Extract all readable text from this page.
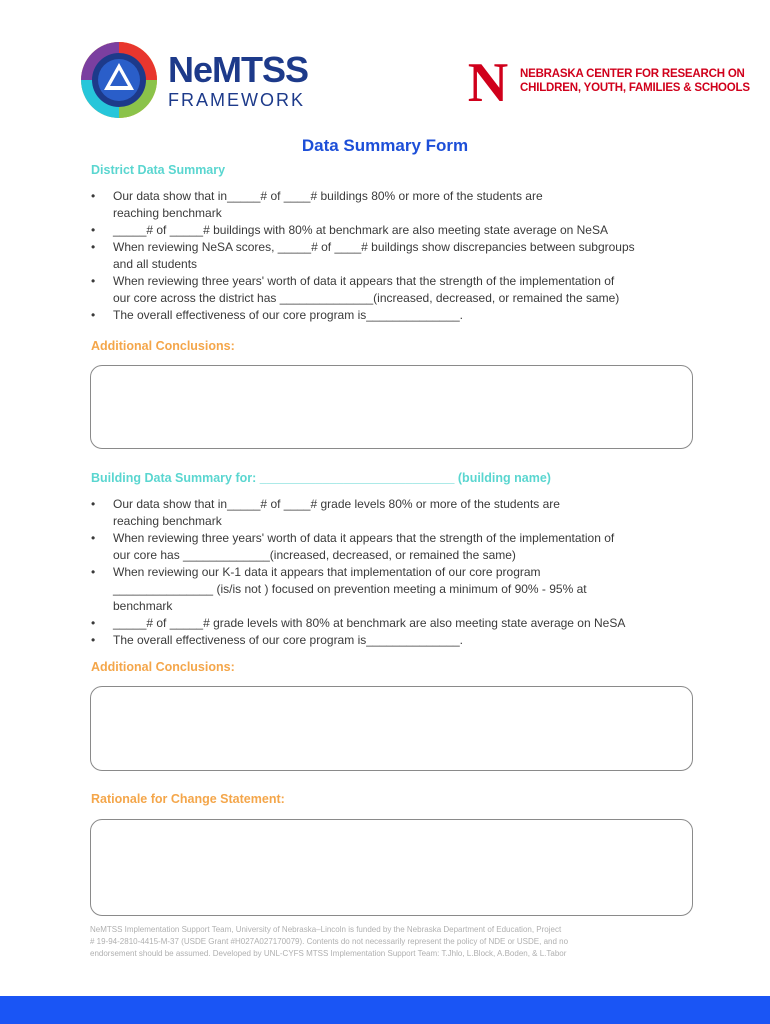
NeMTSS
FRAMEWORK	N NEBRASKA CENTER FOR RESEARCH ON
CHILDREN, YOUTH, FAMILIES & SCHOOLS
Data Summary Form
District Data Summary
• Our data show that in_____# of ____# buildings 80% or more of the students are
reaching benchmark
• _____# of _____# buildings with 80% at benchmark are also meeting state average on NeSA
• When reviewing NeSA scores, _____# of ____# buildings show discrepancies between subgroups
and all students
• When reviewing three years' worth of data it appears that the strength of the implementation of
our core across the district has ______________(increased, decreased, or remained the same)
• The overall effectiveness of our core program is______________.
Additional Conclusions:
Building Data Summary for: ____________________________ (building name)
• Our data show that in_____# of ____# grade levels 80% or more of the students are
reaching benchmark
• When reviewing three years' worth of data it appears that the strength of the implementation of
our core has _____________(increased, decreased, or remained the same)
• When reviewing our K-1 data it appears that implementation of our core program
_______________ (is/is not ) focused on prevention meeting a minimum of 90% - 95% at
benchmark
• _____# of _____# grade levels with 80% at benchmark are also meeting state average on NeSA
• The overall effectiveness of our core program is______________.
Additional Conclusions:
Rationale for Change Statement:
NeMTSS Implementation Support Team, University of Nebraska–Lincoln is funded by the Nebraska Department of Education, Project
# 19-94-2810-4415-M-37 (USDE Grant #H027A027170079). Contents do not necessarily represent the policy of NDE or USDE, and no
endorsement should be assumed. Developed by UNL-CYFS MTSS Implementation Support Team: T.Jhlo, L.Block, A.Boden, & L.Tabor
